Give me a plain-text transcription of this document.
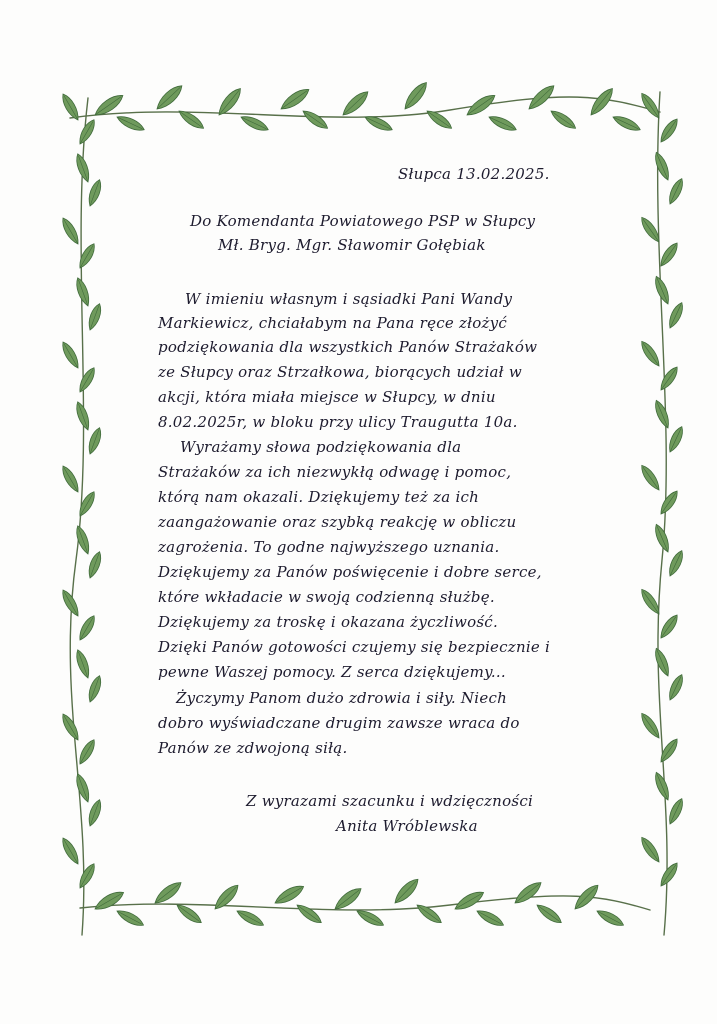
Słupca 13.02.2025.
Do Komendanta Powiatowego PSP w Słupcy
Mł. Bryg. Mgr. Sławomir Gołębiak
W imieniu własnym i sąsiadki Pani Wandy
Markiewicz, chciałabym na Pana ręce złożyć
podziękowania dla wszystkich Panów Strażaków
ze Słupcy oraz Strzałkowa, biorących udział w
akcji, która miała miejsce w Słupcy, w dniu
8.02.2025r, w bloku przy ulicy Traugutta 10a.
Wyrażamy słowa podziękowania dla
Strażaków za ich niezwykłą odwagę i pomoc,
którą nam okazali. Dziękujemy też za ich
zaangażowanie oraz szybką reakcję w obliczu
zagrożenia. To godne najwyższego uznania.
Dziękujemy za Panów poświęcenie i dobre serce,
które wkładacie w swoją codzienną służbę.
Dziękujemy za troskę i okazana życzliwość.
Dzięki Panów gotowości czujemy się bezpiecznie i
pewne Waszej pomocy. Z serca dziękujemy...
Życzymy Panom dużo zdrowia i siły. Niech
dobro wyświadczane drugim zawsze wraca do
Panów ze zdwojoną siłą.
Z wyrazami szacunku i wdzięczności
Anita Wróblewska
